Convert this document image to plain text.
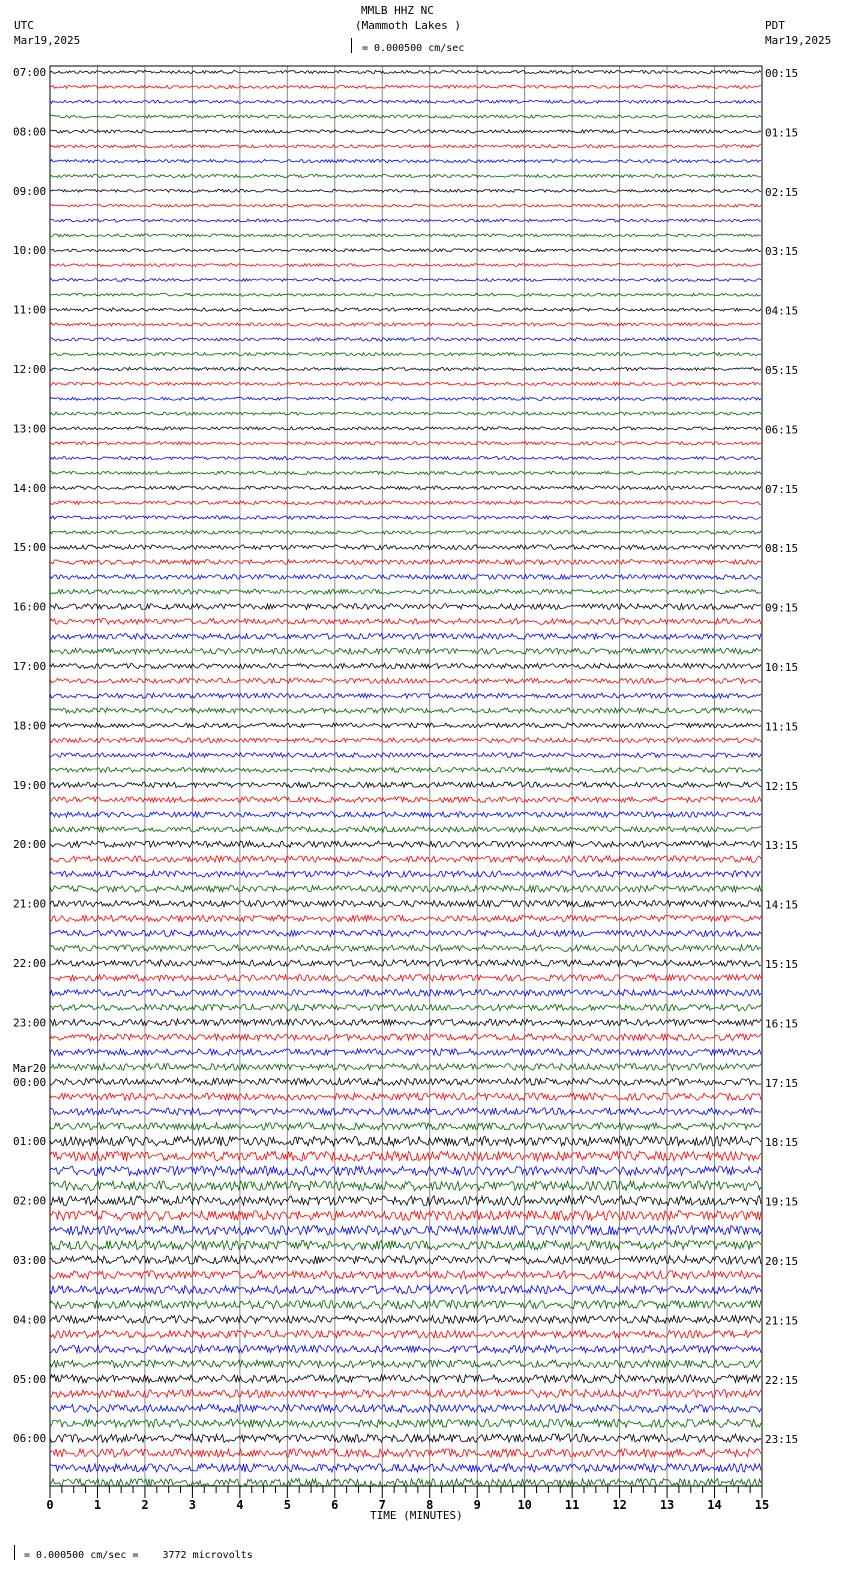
MMLB HHZ NC
(Mammoth Lakes )
UTC
Mar19,2025
PDT
Mar19,2025
= 0.000500 cm/sec
07:00
08:00
09:00
10:00
11:00
12:00
13:00
14:00
15:00
16:00
17:00
18:00
19:00
20:00
21:00
22:00
23:00
00:00
Mar20
01:00
02:00
03:00
04:00
05:00
06:00
00:15
01:15
02:15
03:15
04:15
05:15
06:15
07:15
08:15
09:15
10:15
11:15
12:15
13:15
14:15
15:15
16:15
17:15
18:15
19:15
20:15
21:15
22:15
23:15
0	1	2	3	4	5	6	7	8	9	10	11	12	13	14	15
TIME (MINUTES)
= 0.000500 cm/sec =    3772 microvolts
